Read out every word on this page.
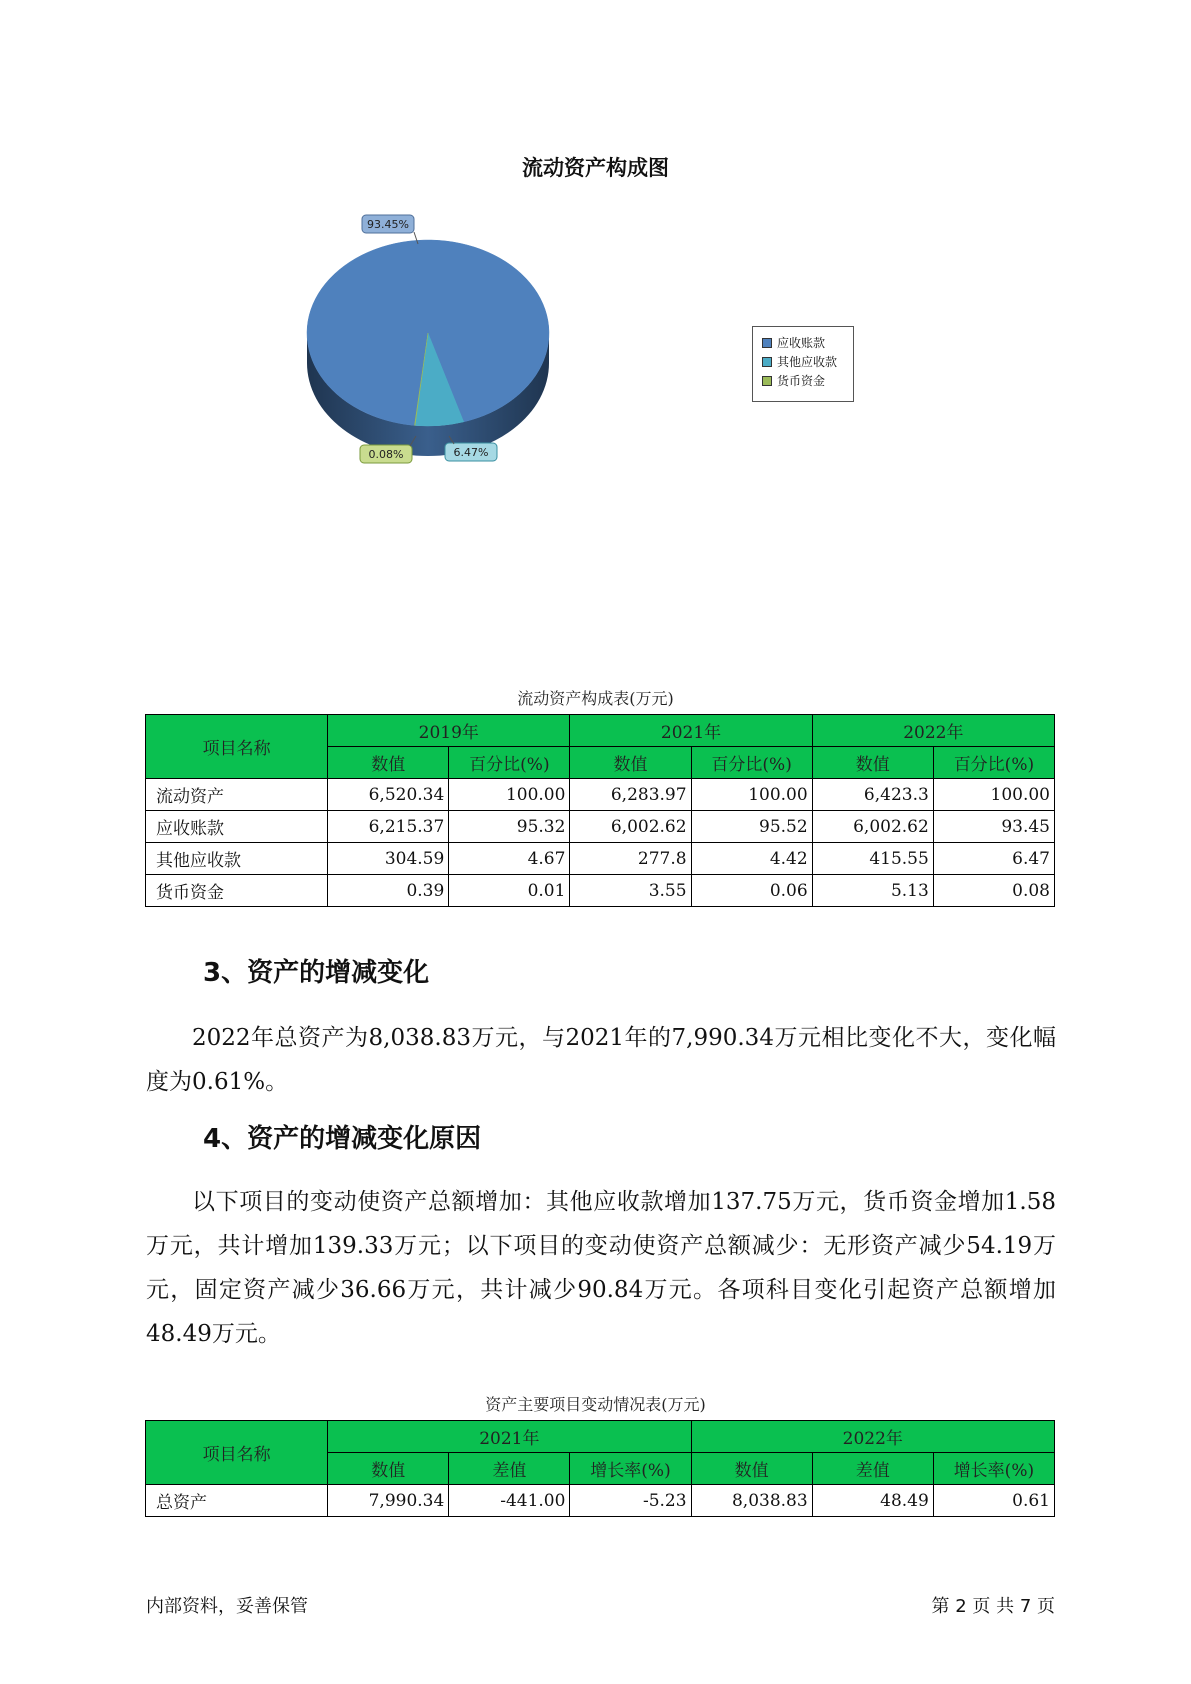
流动资产构成图
93.45%
6.47%
0.08%
应收账款
其他应收款
货币资金
流动资产构成表(万元)
项目名称	2019年		2021年		2022年	
	数值	百分比(%)	数值	百分比(%)	数值	百分比(%)
流动资产	6,520.34	100.00	6,283.97	100.00	6,423.3	100.00
应收账款	6,215.37	95.32	6,002.62	95.52	6,002.62	93.45
其他应收款	304.59	4.67	277.8	4.42	415.55	6.47
货币资金	0.39	0.01	3.55	0.06	5.13	0.08
3、资产的增减变化
2022年总资产为8,038.83万元，与2021年的7,990.34万元相比变化不大，变化幅度为0.61%。
4、资产的增减变化原因
以下项目的变动使资产总额增加：其他应收款增加137.75万元，货币资金增加1.58万元，共计增加139.33万元；以下项目的变动使资产总额减少：无形资产减少54.19万元，固定资产减少36.66万元，共计减少90.84万元。各项科目变化引起资产总额增加48.49万元。
资产主要项目变动情况表(万元)
项目名称	2021年			2022年		
	数值	差值	增长率(%)	数值	差值	增长率(%)
总资产	7,990.34	-441.00	-5.23	8,038.83	48.49	0.61
内部资料，妥善保管	第 2 页 共 7 页
